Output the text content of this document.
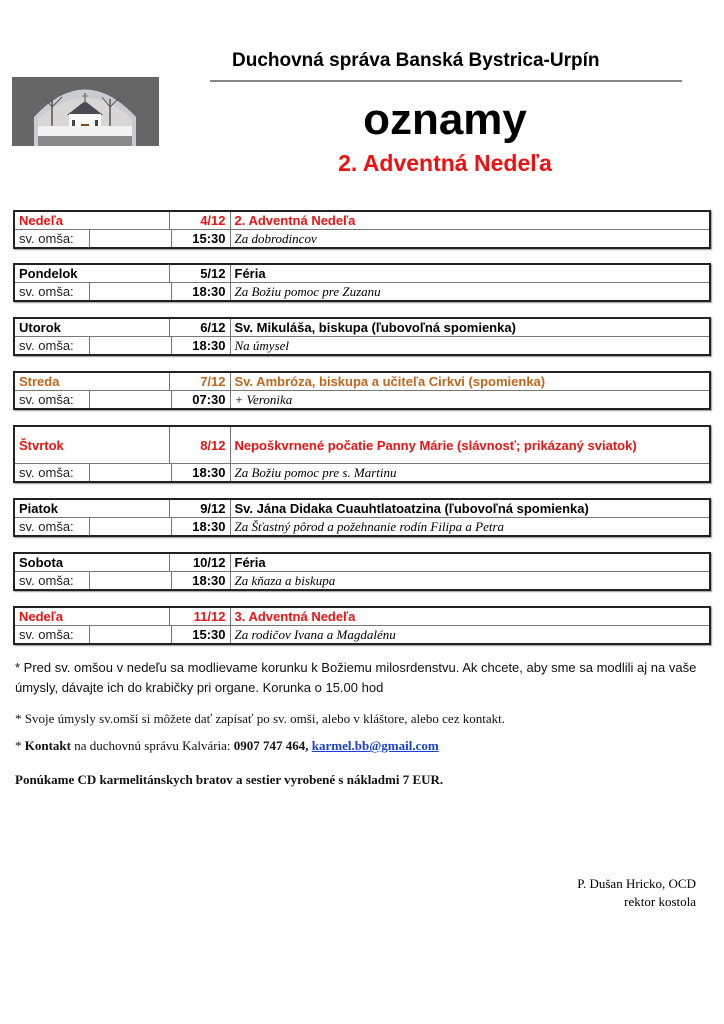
Duchovná správa Banská Bystrica-Urpín
oznamy
2. Adventná Nedeľa
Nedeľa		4/12		2. Adventná Nedeľa
sv. omša:			15:30	Za dobrodincov
Pondelok		5/12		Féria
sv. omša:			18:30	Za Božiu pomoc pre Zuzanu
Utorok		6/12		Sv. Mikuláša, biskupa (ľubovoľná spomienka)
sv. omša:			18:30	Na úmysel
Streda		7/12		Sv. Ambróza, biskupa a učiteľa Cirkvi (spomienka)
sv. omša:			07:30	+ Veronika
Štvrtok		8/12		Nepoškvrnené počatie Panny Márie (slávnosť; prikázaný sviatok)
sv. omša:			18:30	Za Božiu pomoc pre s. Martinu
Piatok		9/12		Sv. Jána Didaka Cuauhtlatoatzina (ľubovoľná spomienka)
sv. omša:			18:30	Za Šťastný pôrod a požehnanie rodín Filipa a Petra
Sobota		10/12		Féria
sv. omša:			18:30	Za kňaza a biskupa
Nedeľa		11/12		3. Adventná Nedeľa
sv. omša:			15:30	Za rodičov Ivana a Magdalénu
* Pred sv. omšou v nedeľu sa modlievame korunku k Božiemu milosrdenstvu. Ak chcete, aby sme sa modlili aj na vaše úmysly, dávajte ich do krabičky pri organe. Korunka o 15.00 hod
* Svoje úmysly sv.omší si môžete dať zapísať po sv. omši, alebo v kláštore, alebo cez kontakt.
* Kontakt na duchovnú správu Kalvária: 0907 747 464, karmel.bb@gmail.com
Ponúkame CD karmelitánskych bratov a sestier vyrobené s nákladmi 7 EUR.
P. Dušan Hricko, OCD
rektor kostola
